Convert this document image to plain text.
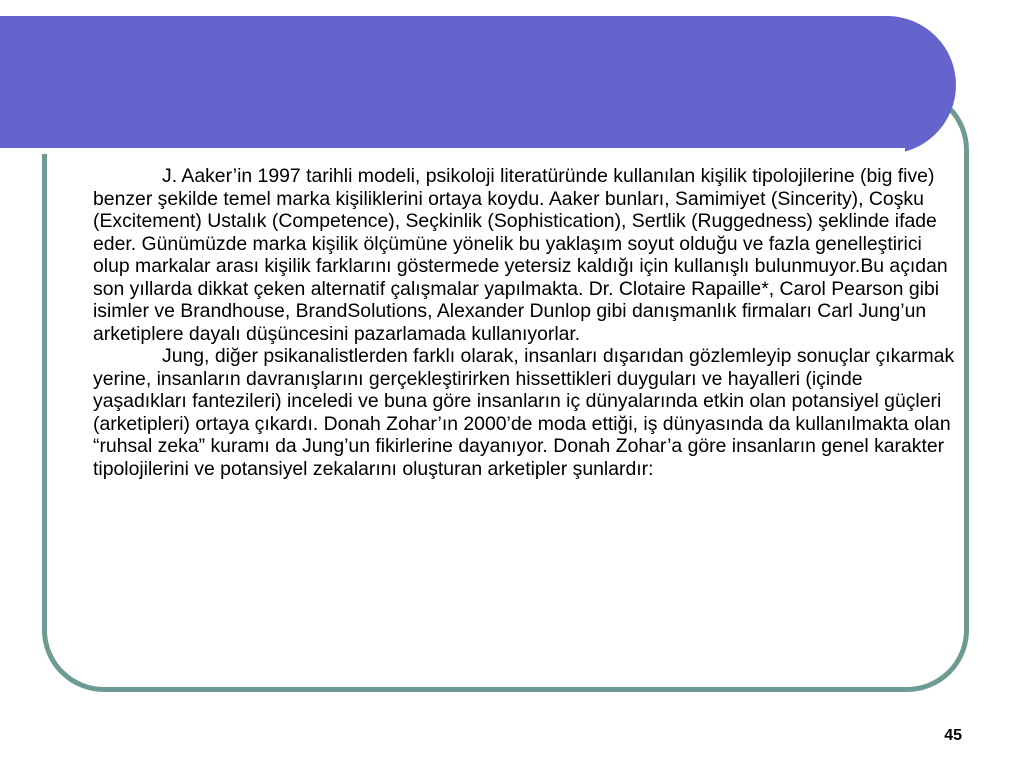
J. Aaker’in 1997 tarihli modeli, psikoloji literatüründe kullanılan kişilik tipolojilerine (big five) benzer şekilde temel marka kişiliklerini ortaya koydu. Aaker bunları, Samimiyet (Sincerity), Coşku (Excitement) Ustalık (Competence), Seçkinlik (Sophistication), Sertlik (Ruggedness) şeklinde ifade eder. Günümüzde marka kişilik ölçümüne yönelik bu yaklaşım soyut olduğu ve fazla genelleştirici olup markalar arası kişilik farklarını göstermede yetersiz kaldığı için kullanışlı bulunmuyor.Bu açıdan son yıllarda dikkat çeken alternatif çalışmalar yapılmakta. Dr. Clotaire Rapaille*, Carol Pearson gibi isimler ve Brandhouse, BrandSolutions, Alexander Dunlop gibi danışmanlık firmaları Carl Jung’un arketiplere dayalı düşüncesini pazarlamada kullanıyorlar.

Jung, diğer psikanalistlerden farklı olarak, insanları dışarıdan gözlemleyip sonuçlar çıkarmak yerine, insanların davranışlarını gerçekleştirirken hissettikleri duyguları ve hayalleri (içinde yaşadıkları fantezileri) inceledi ve buna göre insanların iç dünyalarında etkin olan potansiyel güçleri (arketipleri) ortaya çıkardı. Donah Zohar’ın 2000’de moda ettiği, iş dünyasında da kullanılmakta olan “ruhsal zeka” kuramı da Jung’un fikirlerine dayanıyor. Donah Zohar’a göre insanların genel karakter tipolojilerini ve potansiyel zekalarını oluşturan arketipler şunlardır:

45
